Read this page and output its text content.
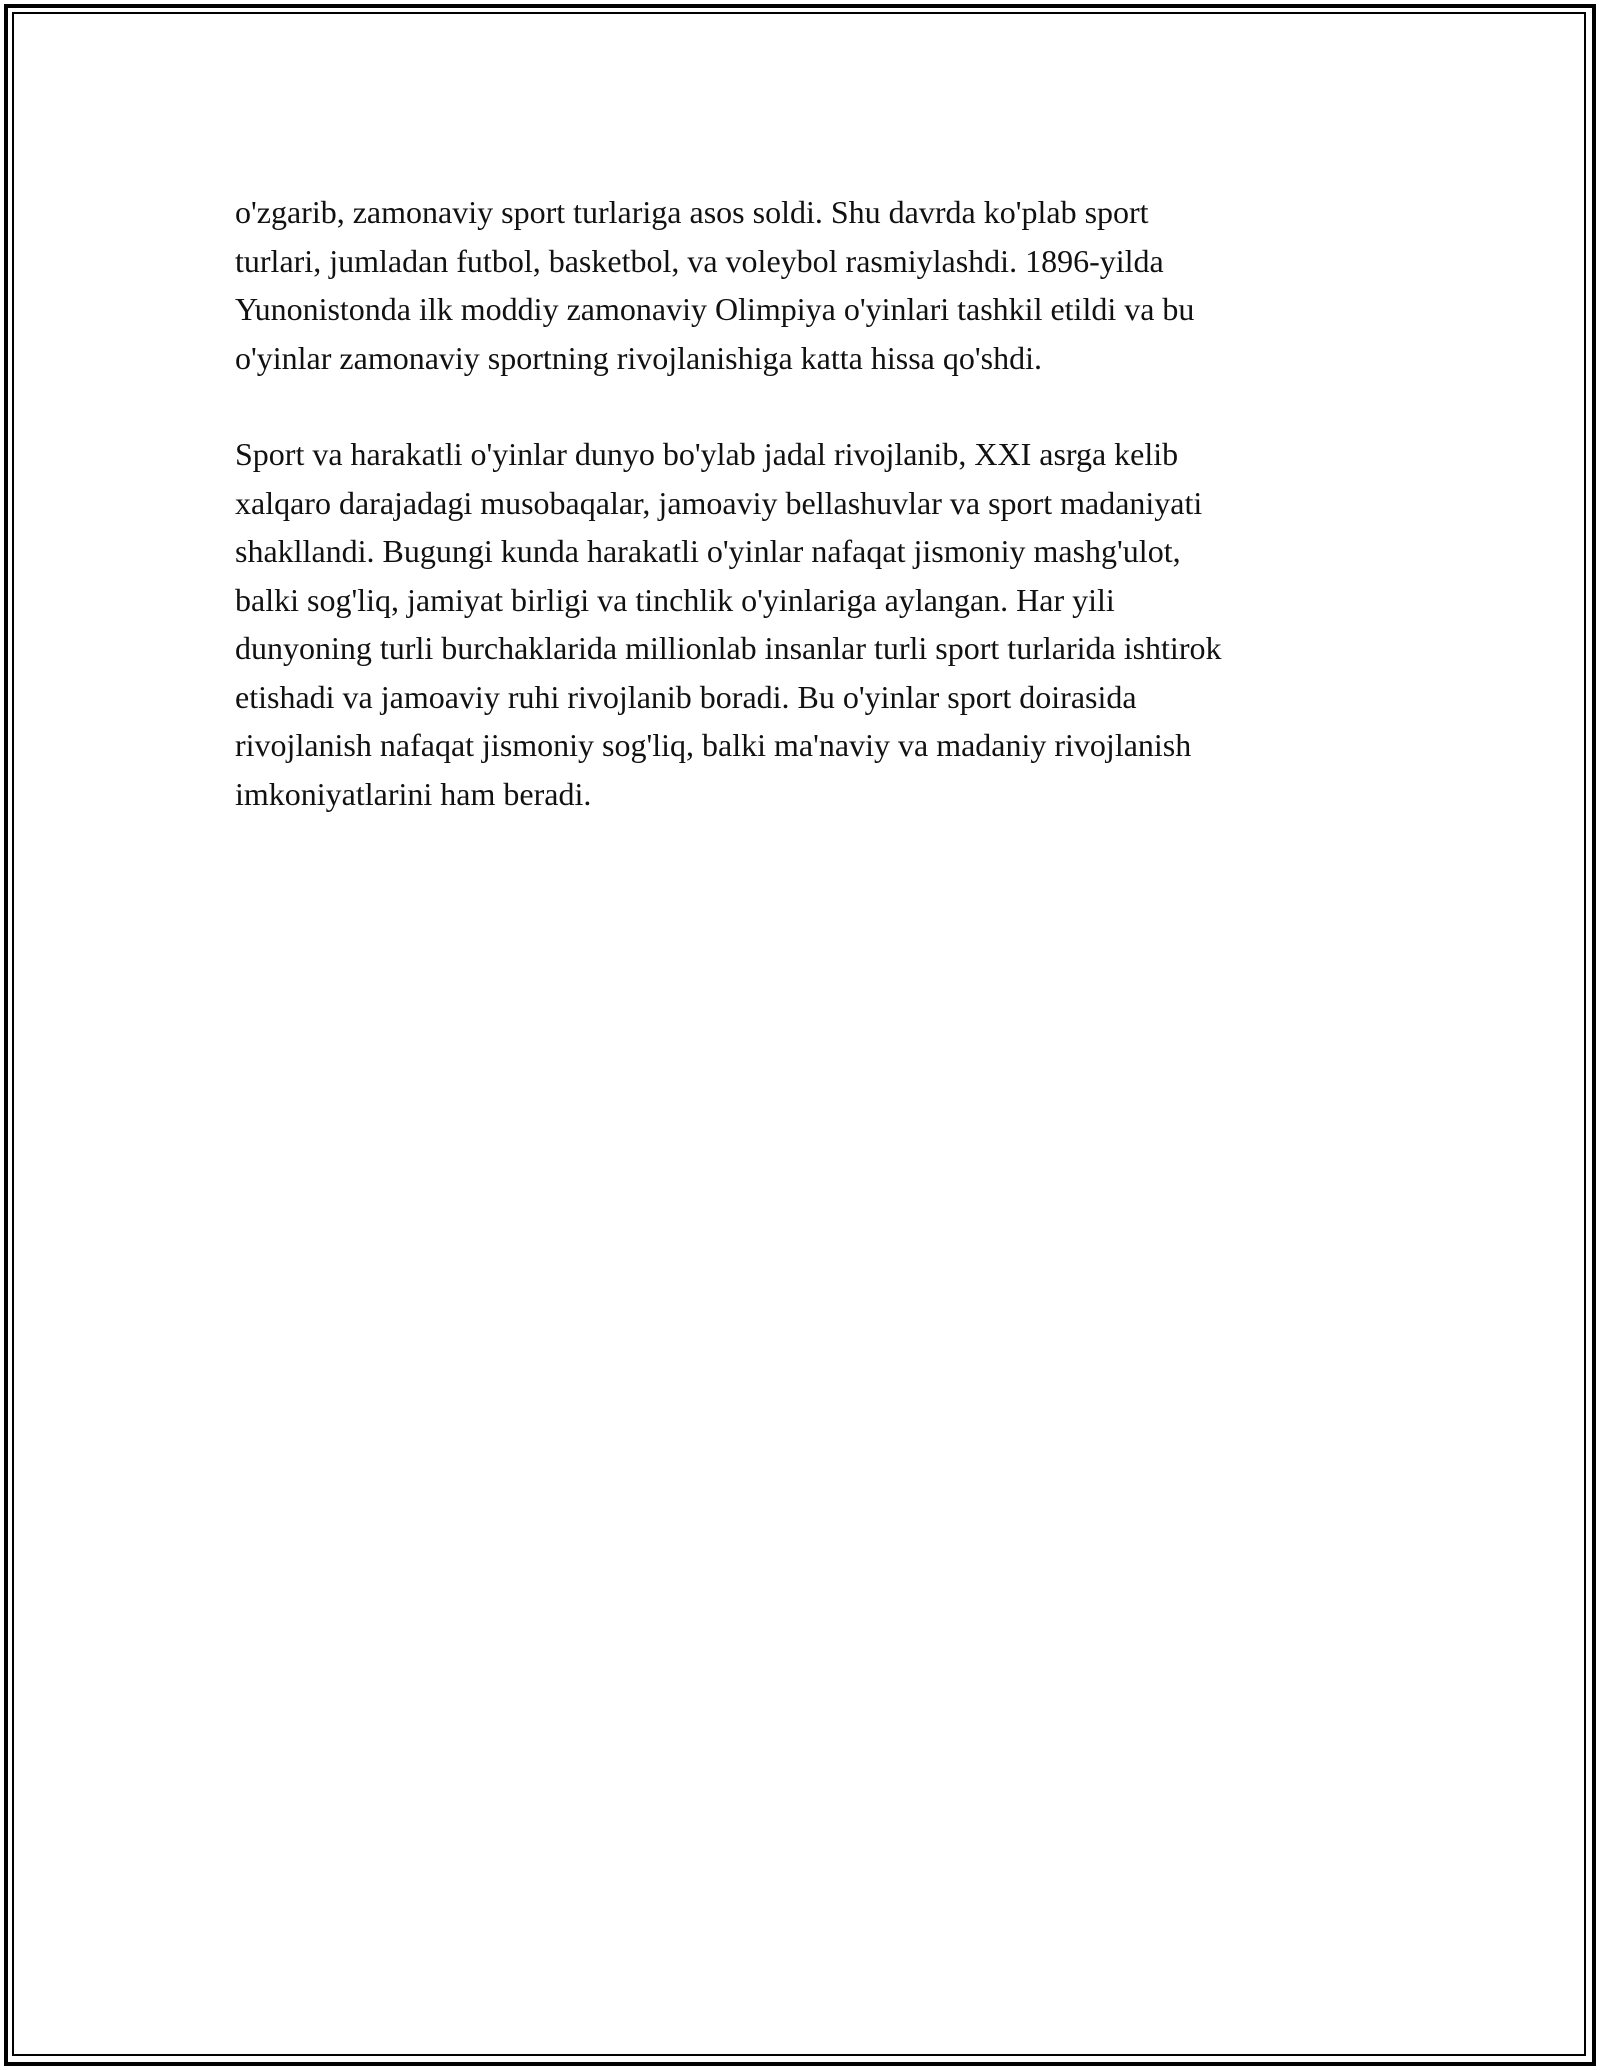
o'zgarib, zamonaviy sport turlariga asos soldi. Shu davrda ko'plab sport
turlari, jumladan futbol, basketbol, va voleybol rasmiylashdi. 1896-yilda
Yunonistonda ilk moddiy zamonaviy Olimpiya o'yinlari tashkil etildi va bu
o'yinlar zamonaviy sportning rivojlanishiga katta hissa qo'shdi.

Sport va harakatli o'yinlar dunyo bo'ylab jadal rivojlanib, XXI asrga kelib
xalqaro darajadagi musobaqalar, jamoaviy bellashuvlar va sport madaniyati
shakllandi. Bugungi kunda harakatli o'yinlar nafaqat jismoniy mashg'ulot,
balki sog'liq, jamiyat birligi va tinchlik o'yinlariga aylangan. Har yili
dunyoning turli burchaklarida millionlab insanlar turli sport turlarida ishtirok
etishadi va jamoaviy ruhi rivojlanib boradi. Bu o'yinlar sport doirasida
rivojlanish nafaqat jismoniy sog'liq, balki ma'naviy va madaniy rivojlanish
imkoniyatlarini ham beradi.
